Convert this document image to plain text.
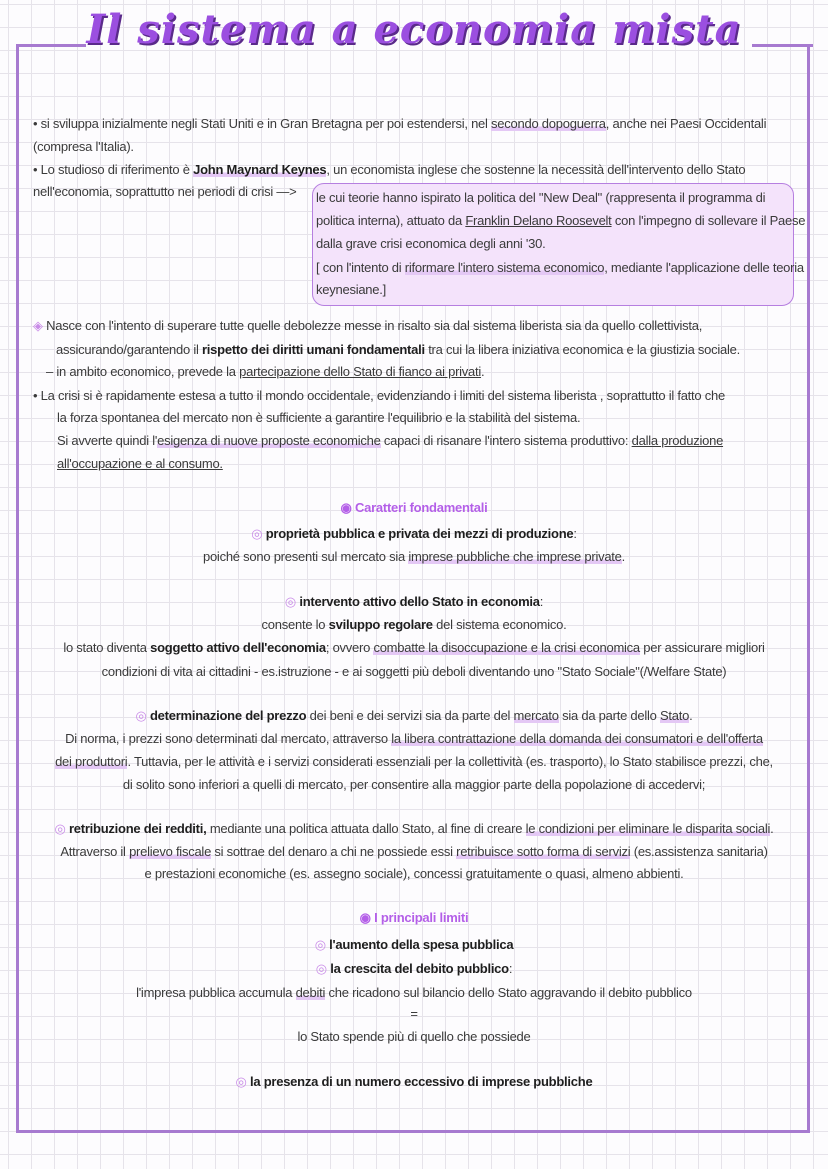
Il sistema a economia mista
• si sviluppa inizialmente negli Stati Uniti e in Gran Bretagna per poi estendersi, nel secondo dopoguerra, anche nei Paesi Occidentali
(compresa l'Italia).
• Lo studioso di riferimento è John Maynard Keynes, un economista inglese che sostenne la necessità dell'intervento dello Stato
nell'economia, soprattutto nei periodi di crisi —> le cui teorie hanno ispirato la politica del "New Deal" (rappresenta il programma di
politica interna), attuato da Franklin Delano Roosevelt con l'impegno di sollevare il Paese
dalla grave crisi economica degli anni '30.
[ con l'intento di riformare l'intero sistema economico, mediante l'applicazione delle teoria
keynesiane.]
◈ Nasce con l'intento di superare tutte quelle debolezze messe in risalto sia dal sistema liberista sia da quello collettivista,
assicurando/garantendo il rispetto dei diritti umani fondamentali tra cui la libera iniziativa economica e la giustizia sociale.
– in ambito economico, prevede la partecipazione dello Stato di fianco ai privati.
• La crisi si è rapidamente estesa a tutto il mondo occidentale, evidenziando i limiti del sistema liberista , soprattutto il fatto che
la forza spontanea del mercato non è sufficiente a garantire l'equilibrio e la stabilità del sistema.
Si avverte quindi l'esigenza di nuove proposte economiche capaci di risanare l'intero sistema produttivo: dalla produzione
all'occupazione e al consumo.
◉ Caratteri fondamentali
◎ proprietà pubblica e privata dei mezzi di produzione:
poiché sono presenti sul mercato sia imprese pubbliche che imprese private.
◎ intervento attivo dello Stato in economia:
consente lo sviluppo regolare del sistema economico.
lo stato diventa soggetto attivo dell'economia; ovvero combatte la disoccupazione e la crisi economica per assicurare migliori
condizioni di vita ai cittadini - es.istruzione - e ai soggetti più deboli diventando uno "Stato Sociale"(/Welfare State)
◎ determinazione del prezzo dei beni e dei servizi sia da parte del mercato sia da parte dello Stato.
Di norma, i prezzi sono determinati dal mercato, attraverso la libera contrattazione della domanda dei consumatori e dell'offerta
dei produttori. Tuttavia, per le attività e i servizi considerati essenziali per la collettività (es. trasporto), lo Stato stabilisce prezzi, che,
di solito sono inferiori a quelli di mercato, per consentire alla maggior parte della popolazione di accedervi;
◎ retribuzione dei redditi, mediante una politica attuata dallo Stato, al fine di creare le condizioni per eliminare le disparita sociali.
Attraverso il prelievo fiscale si sottrae del denaro a chi ne possiede essi retribuisce sotto forma di servizi (es.assistenza sanitaria)
e prestazioni economiche (es. assegno sociale), concessi gratuitamente o quasi, almeno abbienti.
◉ I principali limiti
◎ l'aumento della spesa pubblica
◎ la crescita del debito pubblico:
l'impresa pubblica accumula debiti che ricadono sul bilancio dello Stato aggravando il debito pubblico
=
lo Stato spende più di quello che possiede
◎ la presenza di un numero eccessivo di imprese pubbliche
